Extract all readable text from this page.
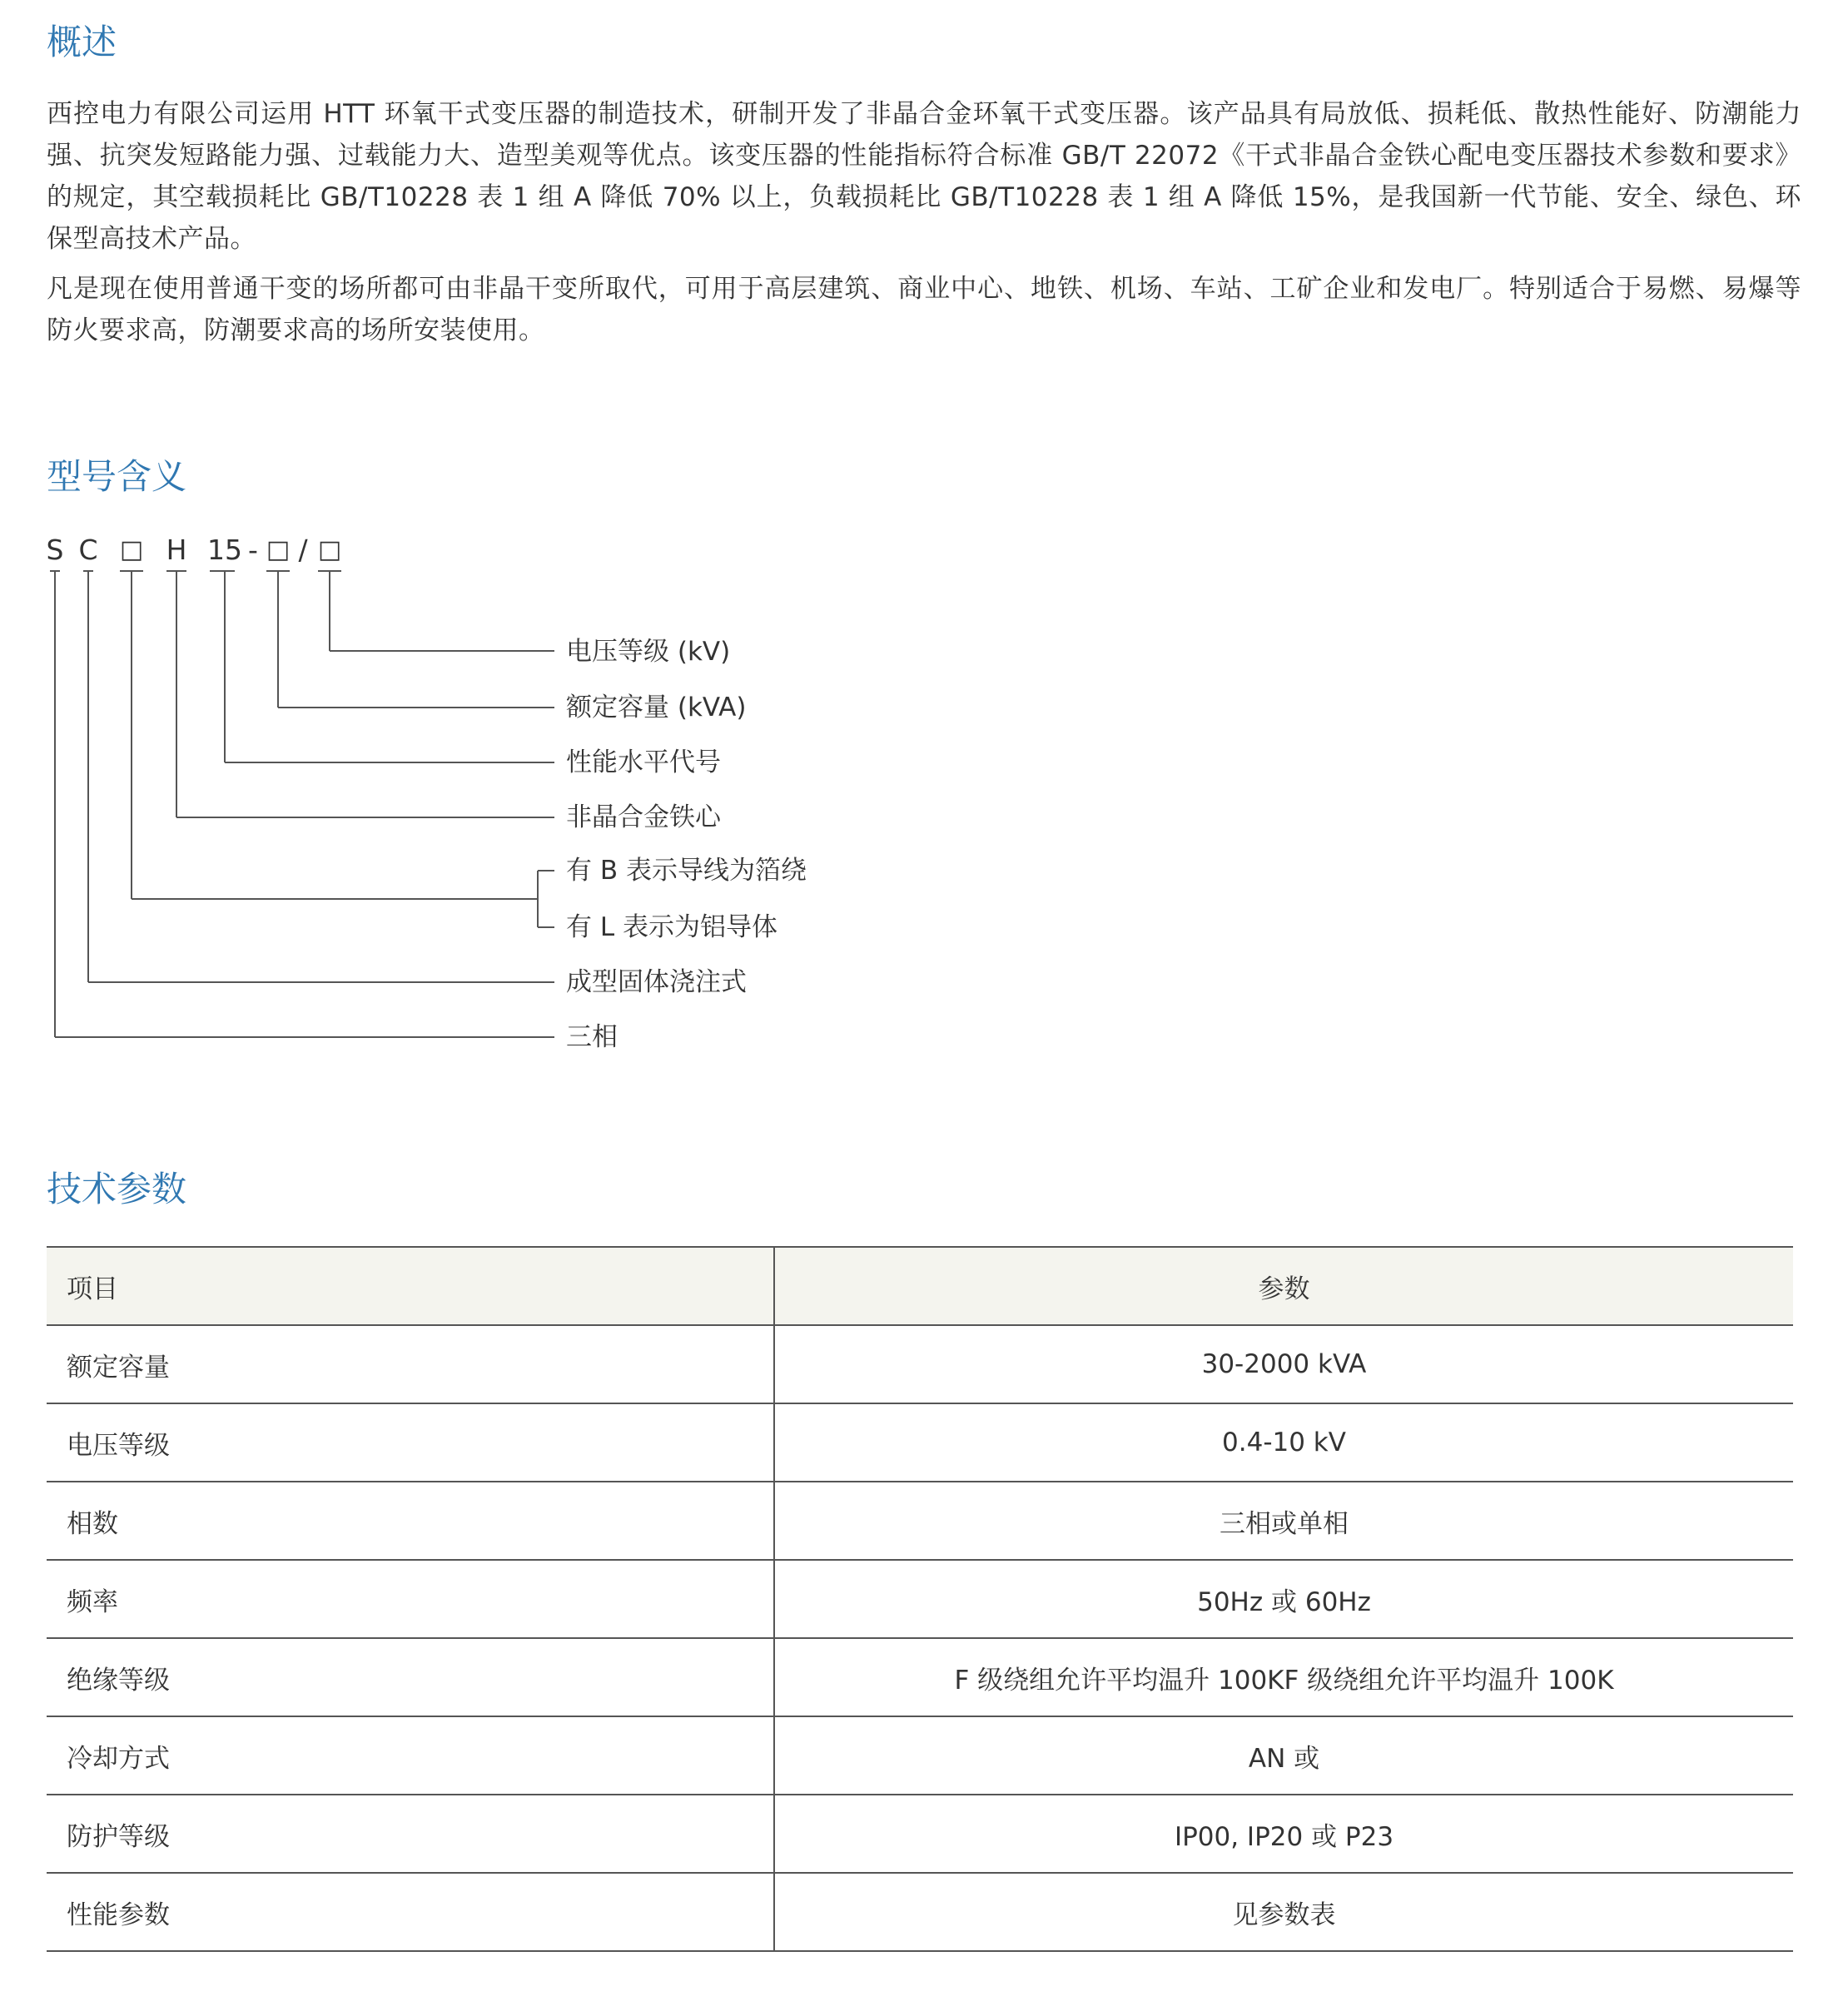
概述

西控电力有限公司运用 HTT 环氧干式变压器的制造技术，研制开发了非晶合金环氧干式变压器。该产品具有局放低、损耗低、散热性能好、防潮能力强、抗突发短路能力强、过载能力大、造型美观等优点。该变压器的性能指标符合标准 GB/T 22072《干式非晶合金铁心配电变压器技术参数和要求》的规定，其空载损耗比 GB/T10228 表 1 组 A 降低 70% 以上，负载损耗比 GB/T10228 表 1 组 A 降低 15%，是我国新一代节能、安全、绿色、环保型高技术产品。

凡是现在使用普通干变的场所都可由非晶干变所取代，可用于高层建筑、商业中心、地铁、机场、车站、工矿企业和发电厂。特别适合于易燃、易爆等防火要求高，防潮要求高的场所安装使用。

型号含义
S C □ H 15 - □ / □
电压等级 (kV)
额定容量 (kVA)
性能水平代号
非晶合金铁心
有 B 表示导线为箔绕
有 L 表示为铝导体
成型固体浇注式
三相
技术参数
项目	参数
额定容量	30-2000 kVA
电压等级	0.4-10 kV
相数	三相或单相
频率	50Hz 或 60Hz
绝缘等级	F 级绕组允许平均温升 100KF 级绕组允许平均温升 100K
冷却方式	AN 或
防护等级	IP00, IP20 或 P23
性能参数	见参数表
